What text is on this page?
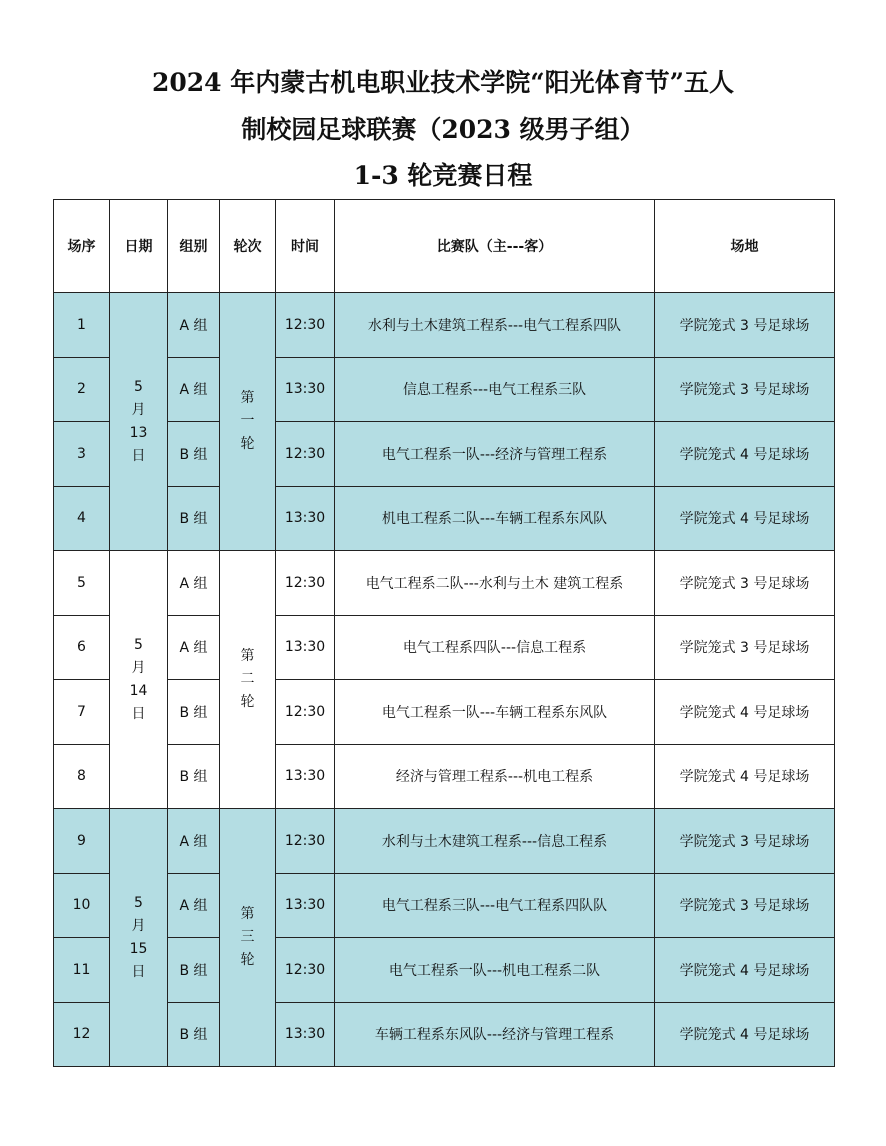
2024 年内蒙古机电职业技术学院“阳光体育节”五人
制校园足球联赛（2023 级男子组）
1-3 轮竞赛日程
场序	日期	组别	轮次	时间	比赛队（主---客）	场地
1	5
月
13
日	A 组	第
一
轮	12:30	水利与土木建筑工程系---电气工程系四队	学院笼式 3 号足球场
2		A 组		13:30	信息工程系---电气工程系三队	学院笼式 3 号足球场
3		B 组		12:30	电气工程系一队---经济与管理工程系	学院笼式 4 号足球场
4		B 组		13:30	机电工程系二队---车辆工程系东风队	学院笼式 4 号足球场
5	5
月
14
日	A 组	第
二
轮	12:30	电气工程系二队---水利与土木 建筑工程系	学院笼式 3 号足球场
6		A 组		13:30	电气工程系四队---信息工程系	学院笼式 3 号足球场
7		B 组		12:30	电气工程系一队---车辆工程系东风队	学院笼式 4 号足球场
8		B 组		13:30	经济与管理工程系---机电工程系	学院笼式 4 号足球场
9	5
月
15
日	A 组	第
三
轮	12:30	水利与土木建筑工程系---信息工程系	学院笼式 3 号足球场
10		A 组		13:30	电气工程系三队---电气工程系四队队	学院笼式 3 号足球场
11		B 组		12:30	电气工程系一队---机电工程系二队	学院笼式 4 号足球场
12		B 组		13:30	车辆工程系东风队---经济与管理工程系	学院笼式 4 号足球场
